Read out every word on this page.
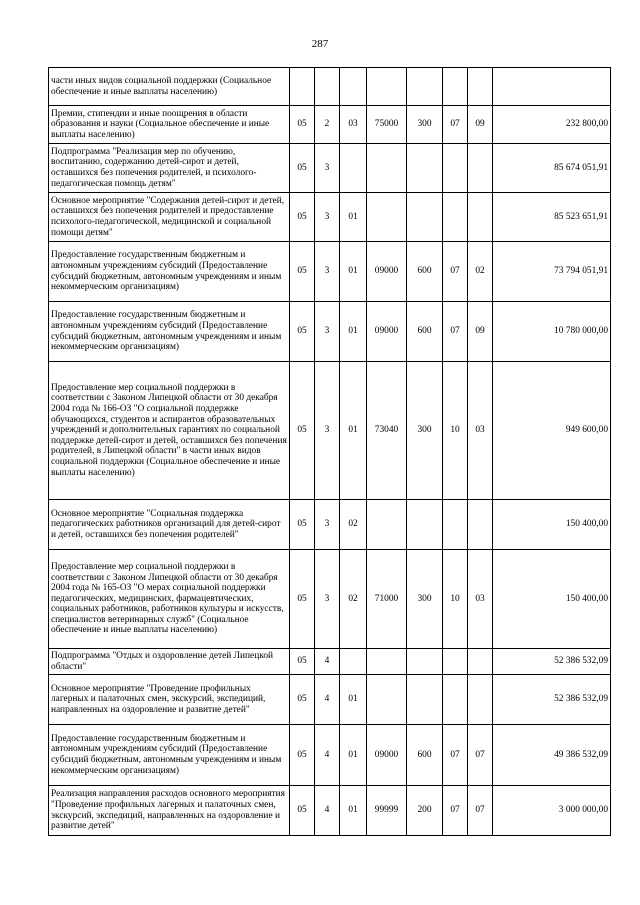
287
части иных видов социальной поддержки (Социальное обеспечение и иные выплаты населению)								
Премии, стипендии и иные поощрения в области образования и науки (Социальное обеспечение и иные выплаты населению)	05	2	03	75000	300	07	09	232 800,00
Подпрограмма "Реализация мер по обучению, воспитанию, содержанию детей-сирот и детей, оставшихся без попечения родителей, и психолого-педагогическая помощь детям"	05	3						85 674 051,91
Основное мероприятие "Содержания детей-сирот и детей, оставшихся без попечения родителей и предоставление психолого-педагогической, медицинской и социальной помощи детям"	05	3	01					85 523 651,91
Предоставление государственным бюджетным и автономным учреждениям субсидий (Предоставление субсидий бюджетным, автономным учреждениям и иным некоммерческим организациям)	05	3	01	09000	600	07	02	73 794 051,91
Предоставление государственным бюджетным и автономным учреждениям субсидий (Предоставление субсидий бюджетным, автономным учреждениям и иным некоммерческим организациям)	05	3	01	09000	600	07	09	10 780 000,00
Предоставление мер социальной поддержки в соответствии с Законом Липецкой области от 30 декабря 2004 года № 166-ОЗ "О социальной поддержке обучающихся, студентов и аспирантов образовательных учреждений и дополнительных гарантиях по социальной поддержке детей-сирот и детей, оставшихся без попечения родителей, в Липецкой области" в части иных видов социальной поддержки (Социальное обеспечение и иные выплаты населению)	05	3	01	73040	300	10	03	949 600,00
Основное мероприятие "Социальная поддержка педагогических работников организаций для детей-сирот и детей, оставшихся без попечения родителей"	05	3	02					150 400,00
Предоставление мер социальной поддержки в соответствии с Законом Липецкой области от 30 декабря 2004 года № 165-ОЗ "О мерах социальной поддержки педагогических, медицинских, фармацевтических, социальных работников, работников культуры и искусств, специалистов ветеринарных служб" (Социальное обеспечение и иные выплаты населению)	05	3	02	71000	300	10	03	150 400,00
Подпрограмма "Отдых и оздоровление детей Липецкой области"	05	4						52 386 532,09
Основное мероприятие "Проведение профильных лагерных и палаточных смен, экскурсий, экспедиций, направленных на оздоровление и развитие детей"	05	4	01					52 386 532,09
Предоставление государственным бюджетным и автономным учреждениям субсидий (Предоставление субсидий бюджетным, автономным учреждениям и иным некоммерческим организациям)	05	4	01	09000	600	07	07	49 386 532,09
Реализация направления расходов основного мероприятия "Проведение профильных лагерных и палаточных смен, экскурсий, экспедиций, направленных на оздоровление и развитие детей"	05	4	01	99999	200	07	07	3 000 000,00
